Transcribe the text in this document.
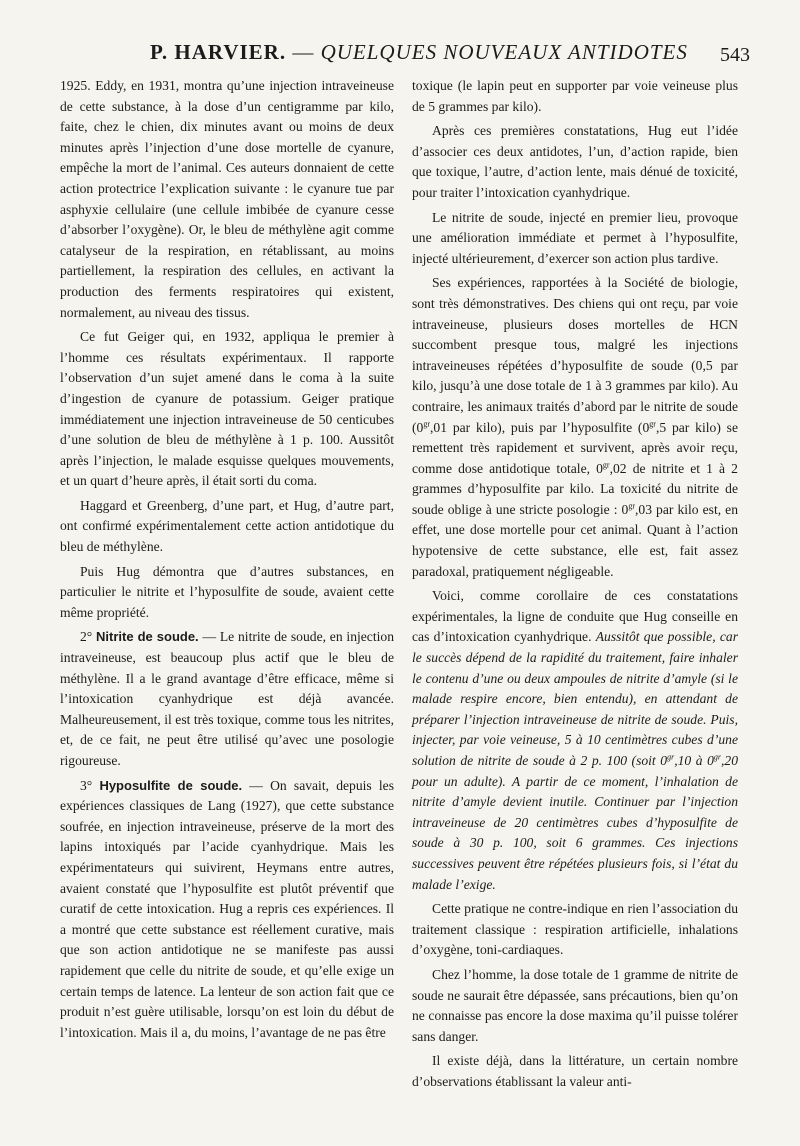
P. HARVIER. — QUELQUES NOUVEAUX ANTIDOTES 543

1925. Eddy, en 1931, montra qu’une injection intraveineuse de cette substance, à la dose d’un centigramme par kilo, faite, chez le chien, dix minutes avant ou moins de deux minutes après l’injection d’une dose mortelle de cyanure, empêche la mort de l’animal. Ces auteurs donnaient de cette action protectrice l’explication suivante : le cyanure tue par asphyxie cellulaire (une cellule imbibée de cyanure cesse d’absorber l’oxygène). Or, le bleu de méthylène agit comme catalyseur de la respiration, en rétablissant, au moins partiellement, la respiration des cellules, en activant la production des ferments respiratoires qui existent, normalement, au niveau des tissus.

Ce fut Geiger qui, en 1932, appliqua le premier à l’homme ces résultats expérimentaux. Il rapporte l’observation d’un sujet amené dans le coma à la suite d’ingestion de cyanure de potassium. Geiger pratique immédiatement une injection intraveineuse de 50 centicubes d’une solution de bleu de méthylène à 1 p. 100. Aussitôt après l’injection, le malade esquisse quelques mouvements, et un quart d’heure après, il était sorti du coma.

Haggard et Greenberg, d’une part, et Hug, d’autre part, ont confirmé expérimentalement cette action antidotique du bleu de méthylène.

Puis Hug démontra que d’autres substances, en particulier le nitrite et l’hyposulfite de soude, avaient cette même propriété.

2° Nitrite de soude. — Le nitrite de soude, en injection intraveineuse, est beaucoup plus actif que le bleu de méthylène. Il a le grand avantage d’être efficace, même si l’intoxication cyanhydrique est déjà avancée. Malheureusement, il est très toxique, comme tous les nitrites, et, de ce fait, ne peut être utilisé qu’avec une posologie rigoureuse.

3° Hyposulfite de soude. — On savait, depuis les expériences classiques de Lang (1927), que cette substance soufrée, en injection intraveineuse, préserve de la mort des lapins intoxiqués par l’acide cyanhydrique. Mais les expérimentateurs qui suivirent, Heymans entre autres, avaient constaté que l’hyposulfite est plutôt préventif que curatif de cette intoxication. Hug a repris ces expériences. Il a montré que cette substance est réellement curative, mais que son action antidotique ne se manifeste pas aussi rapidement que celle du nitrite de soude, et qu’elle exige un certain temps de latence. La lenteur de son action fait que ce produit n’est guère utilisable, lorsqu’on est loin du début de l’intoxication. Mais il a, du moins, l’avantage de ne pas être

toxique (le lapin peut en supporter par voie veineuse plus de 5 grammes par kilo).

Après ces premières constatations, Hug eut l’idée d’associer ces deux antidotes, l’un, d’action rapide, bien que toxique, l’autre, d’action lente, mais dénué de toxicité, pour traiter l’intoxication cyanhydrique.

Le nitrite de soude, injecté en premier lieu, provoque une amélioration immédiate et permet à l’hyposulfite, injecté ultérieurement, d’exercer son action plus tardive.

Ses expériences, rapportées à la Société de biologie, sont très démonstratives. Des chiens qui ont reçu, par voie intraveineuse, plusieurs doses mortelles de HCN succombent presque tous, malgré les injections intraveineuses répétées d’hyposulfite de soude (0,5 par kilo, jusqu’à une dose totale de 1 à 3 grammes par kilo). Au contraire, les animaux traités d’abord par le nitrite de soude ($0^{gr},01$ par kilo), puis par l’hyposulfite ($0^{gr},5$ par kilo) se remettent très rapidement et survivent, après avoir reçu, comme dose antidotique totale, $0^{gr},02$ de nitrite et 1 à 2 grammes d’hyposulfite par kilo. La toxicité du nitrite de soude oblige à une stricte posologie : $0^{gr},03$ par kilo est, en effet, une dose mortelle pour cet animal. Quant à l’action hypotensive de cette substance, elle est, fait assez paradoxal, pratiquement négligeable.

Voici, comme corollaire de ces constatations expérimentales, la ligne de conduite que Hug conseille en cas d’intoxication cyanhydrique. Aussitôt que possible, car le succès dépend de la rapidité du traitement, faire inhaler le contenu d’une ou deux ampoules de nitrite d’amyle (si le malade respire encore, bien entendu), en attendant de préparer l’injection intraveineuse de nitrite de soude. Puis, injecter, par voie veineuse, 5 à 10 centimètres cubes d’une solution de nitrite de soude à 2 p. 100 (soit $0^{gr},10$ à $0^{gr},20$ pour un adulte). A partir de ce moment, l’inhalation de nitrite d’amyle devient inutile. Continuer par l’injection intraveineuse de 20 centimètres cubes d’hyposulfite de soude à 30 p. 100, soit 6 grammes. Ces injections successives peuvent être répétées plusieurs fois, si l’état du malade l’exige.

Cette pratique ne contre-indique en rien l’association du traitement classique : respiration artificielle, inhalations d’oxygène, toni-cardiaques.

Chez l’homme, la dose totale de 1 gramme de nitrite de soude ne saurait être dépassée, sans précautions, bien qu’on ne connaisse pas encore la dose maxima qu’il puisse tolérer sans danger.

Il existe déjà, dans la littérature, un certain nombre d’observations établissant la valeur anti-
